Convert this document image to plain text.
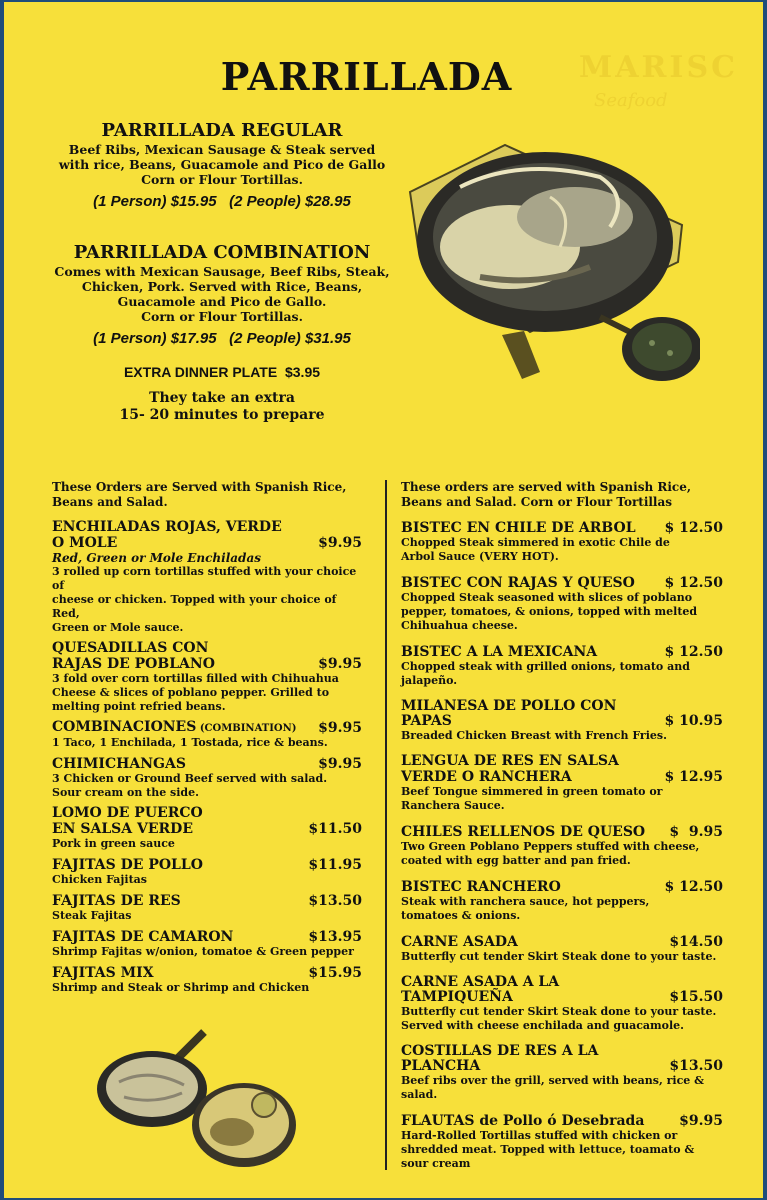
MARISC
Seafood
PARRILLADA
PARRILLADA REGULAR
Beef Ribs, Mexican Sausage & Steak served
with rice, Beans, Guacamole and Pico de Gallo
Corn or Flour Tortillas.
(1 Person) $15.95 (2 People) $28.95
PARRILLADA COMBINATION
Comes with Mexican Sausage, Beef Ribs, Steak,
Chicken, Pork. Served with Rice, Beans,
Guacamole and Pico de Gallo.
Corn or Flour Tortillas.
(1 Person) $17.95 (2 People) $31.95
EXTRA DINNER PLATE $3.95
They take an extra
15- 20 minutes to prepare
These Orders are Served with Spanish Rice,
Beans and Salad.
ENCHILADAS ROJAS, VERDE
O MOLE	$9.95
Red, Green or Mole Enchiladas
3 rolled up corn tortillas stuffed with your choice of
cheese or chicken. Topped with your choice of Red,
Green or Mole sauce.
QUESADILLAS CON
RAJAS DE POBLANO	$9.95
3 fold over corn tortillas filled with Chihuahua
Cheese & slices of poblano pepper. Grilled to
melting point refried beans.
COMBINACIONES (COMBINATION)	$9.95
1 Taco, 1 Enchilada, 1 Tostada, rice & beans.
CHIMICHANGAS	$9.95
3 Chicken or Ground Beef served with salad.
Sour cream on the side.
LOMO DE PUERCO
EN SALSA VERDE	$11.50
Pork in green sauce
FAJITAS DE POLLO	$11.95
Chicken Fajitas
FAJITAS DE RES	$13.50
Steak Fajitas
FAJITAS DE CAMARON	$13.95
Shrimp Fajitas w/onion, tomatoe & Green pepper
FAJITAS MIX	$15.95
Shrimp and Steak or Shrimp and Chicken
These orders are served with Spanish Rice,
Beans and Salad. Corn or Flour Tortillas
BISTEC EN CHILE DE ARBOL	$ 12.50
Chopped Steak simmered in exotic Chile de
Arbol Sauce (VERY HOT).
BISTEC CON RAJAS Y QUESO	$ 12.50
Chopped Steak seasoned with slices of poblano
pepper, tomatoes, & onions, topped with melted
Chihuahua cheese.
BISTEC A LA MEXICANA	$ 12.50
Chopped steak with grilled onions, tomato and jalapeño.
MILANESA DE POLLO CON PAPAS	$ 10.95
Breaded Chicken Breast with French Fries.
LENGUA DE RES EN SALSA
VERDE O RANCHERA	$ 12.95
Beef Tongue simmered in green tomato or
Ranchera Sauce.
CHILES RELLENOS DE QUESO	$  9.95
Two Green Poblano Peppers stuffed with cheese,
coated with egg batter and pan fried.
BISTEC RANCHERO	$ 12.50
Steak with ranchera sauce, hot peppers,
tomatoes & onions.
CARNE ASADA	$14.50
Butterfly cut tender Skirt Steak done to your taste.
CARNE ASADA A LA TAMPIQUEÑA	$15.50
Butterfly cut tender Skirt Steak done to your taste.
Served with cheese enchilada and guacamole.
COSTILLAS DE RES A LA PLANCHA	$13.50
Beef ribs over the grill, served with beans, rice & salad.
FLAUTAS de Pollo ó Desebrada	$9.95
Hard-Rolled Tortillas stuffed with chicken or
shredded meat. Topped with lettuce, toamato & sour cream
